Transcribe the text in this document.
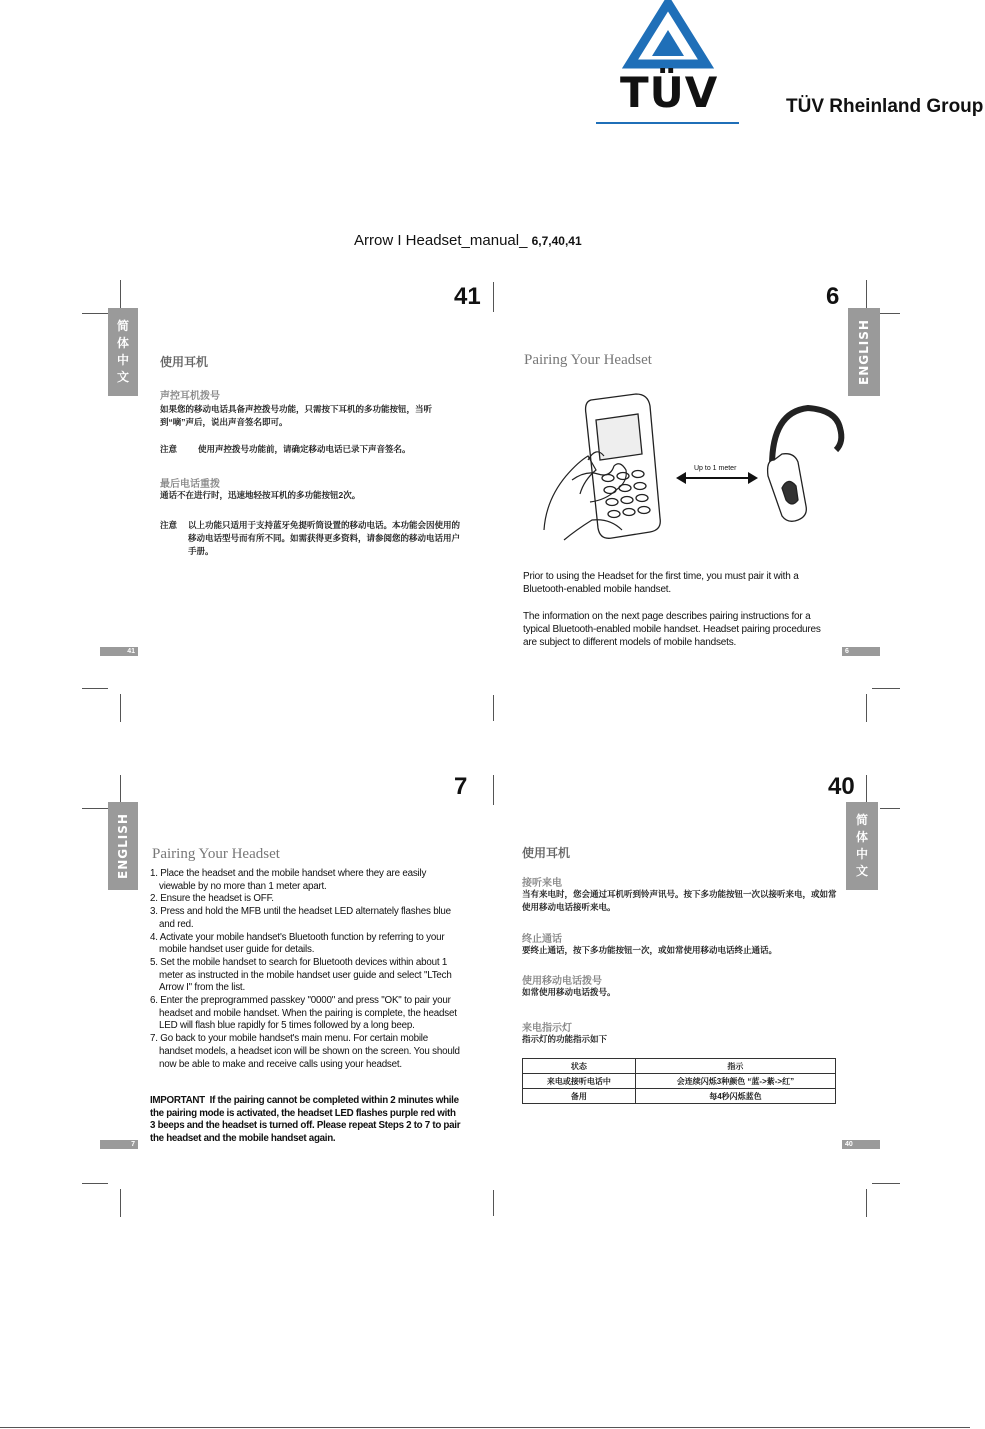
TÜV	TÜV Rheinland Group
Arrow I Headset_manual_ 6,7,40,41
41
简
体
中
文
使用耳机
声控耳机拨号
如果您的移动电话具备声控拨号功能，只需按下耳机的多功能按钮，当听到“嘀”声后，说出声音签名即可。
注意 使用声控拨号功能前，请确定移动电话已录下声音签名。
最后电话重拨
通话不在进行时，迅速地轻按耳机的多功能按钮2次。
注意 以上功能只适用于支持蓝牙免提听筒设置的移动电话。本功能会因使用的移动电话型号而有所不同。如需获得更多资料，请参阅您的移动电话用户手册。
41
6
ENGLISH
Pairing Your Headset
Up to 1 meter
Prior to using the Headset for the first time, you must pair it with a Bluetooth-enabled mobile handset.
The information on the next page describes pairing instructions for a typical Bluetooth-enabled mobile handset. Headset pairing procedures are subject to different models of mobile handsets.
6
7
ENGLISH	Pairing Your Headset
1. Place the headset and the mobile handset where they are easily viewable by no more than 1 meter apart.
2. Ensure the headset is OFF.
3. Press and hold the MFB until the headset LED alternately flashes blue and red.
4. Activate your mobile handset's Bluetooth function by referring to your mobile handset user guide for details.
5. Set the mobile handset to search for Bluetooth devices within about 1 meter as instructed in the mobile handset user guide and select "LTech Arrow I" from the list.
6. Enter the preprogrammed passkey "0000" and press "OK" to pair your headset and mobile handset. When the pairing is complete, the headset LED will flash blue rapidly for 5 times followed by a long beep.
7. Go back to your mobile handset's main menu. For certain mobile handset models, a headset icon will be shown on the screen. You should now be able to make and receive calls using your headset.
IMPORTANT If the pairing cannot be completed within 2 minutes while the pairing mode is activated, the headset LED flashes purple red with 3 beeps and the headset is turned off. Please repeat Steps 2 to 7 to pair the headset and the mobile handset again.
7
40
简
体
中
文
使用耳机
接听来电
当有来电时，您会通过耳机听到铃声讯号。按下多功能按钮一次以接听来电，或如常使用移动电话接听来电。
终止通话
要终止通话，按下多功能按钮一次，或如常使用移动电话终止通话。
使用移动电话拨号
如常使用移动电话拨号。
来电指示灯
指示灯的功能指示如下
状态	指示
来电或接听电话中	会连续闪烁3种颜色 “蓝->紫->红”
备用	每4秒闪烁蓝色
40
